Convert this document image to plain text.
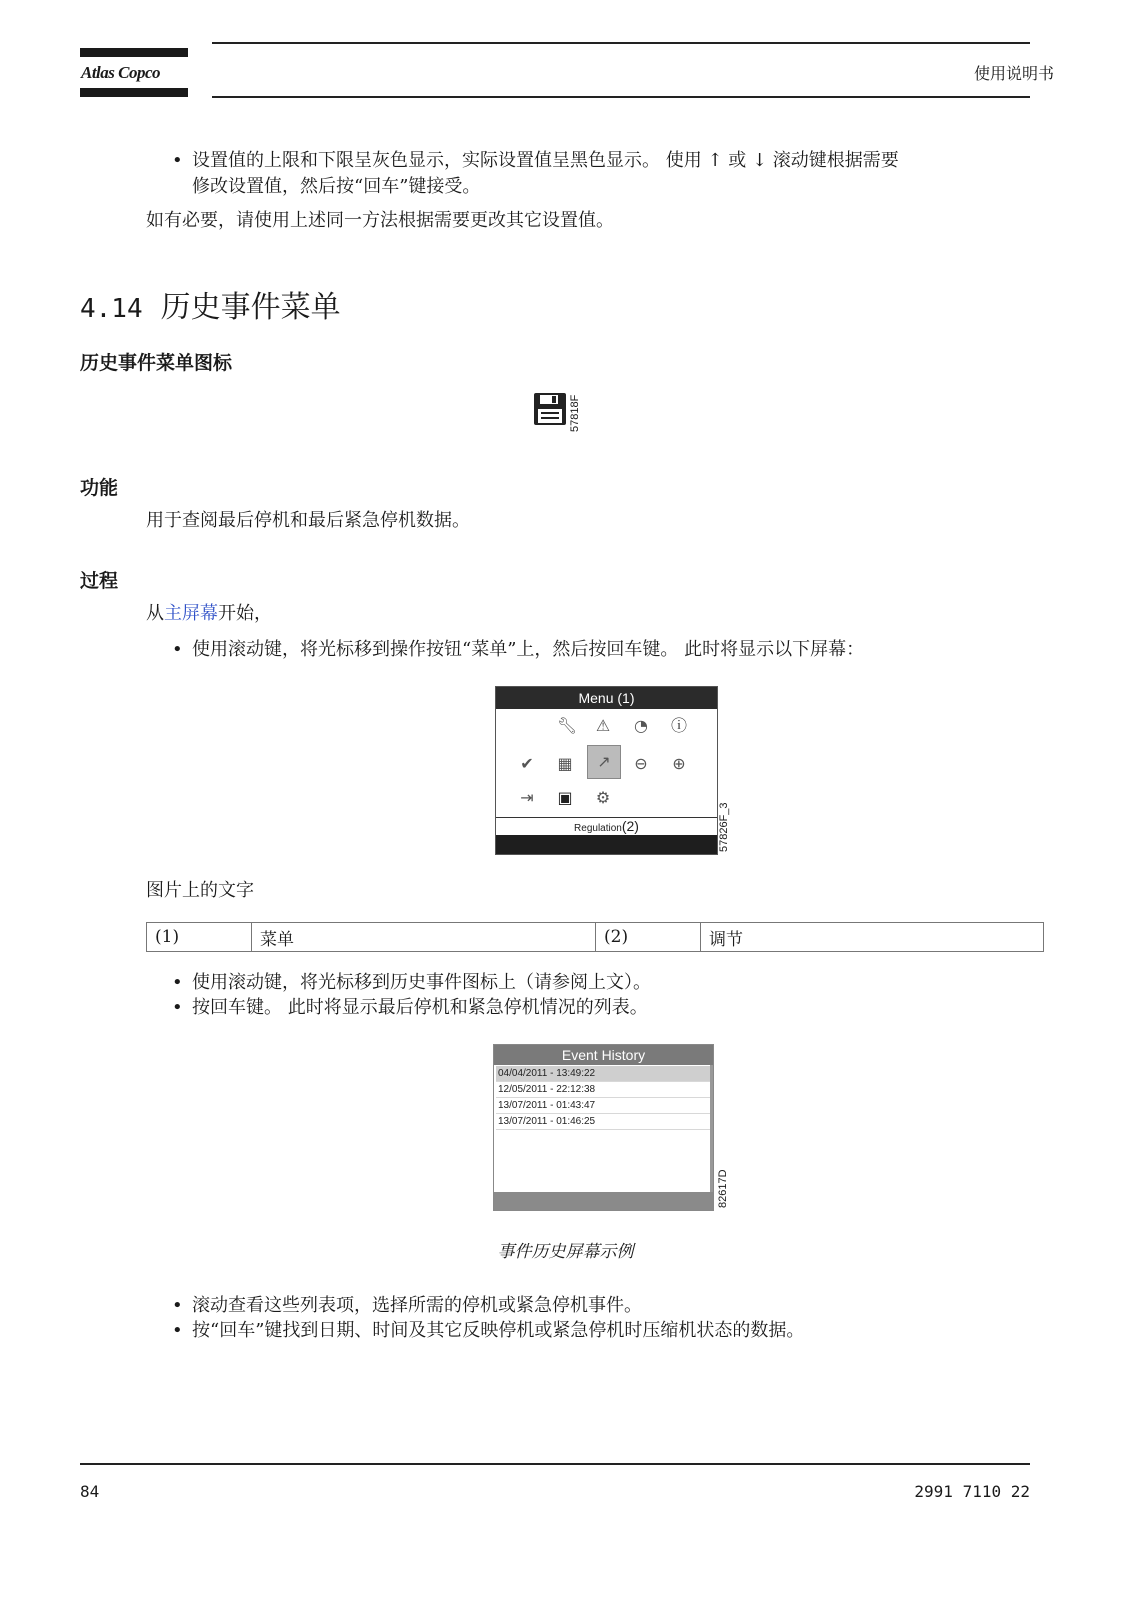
Atlas Copco	使用说明书
• 设置值的上限和下限呈灰色显示，实际设置值呈黑色显示。 使用 ↑ 或 ↓ 滚动键根据需要
修改设置值，然后按“回车”键接受。
如有必要，请使用上述同一方法根据需要更改其它设置值。
4.14 历史事件菜单
历史事件菜单图标
57818F
功能
用于查阅最后停机和最后紧急停机数据。
过程
从主屏幕开始，
• 使用滚动键，将光标移到操作按钮“菜单”上，然后按回车键。 此时将显示以下屏幕：
Menu (1)
🔧︎ ⚠ ◔ ⓘ
✔ ▦	↗	⊖ ⊕
⇥ ▣ ⚙
Regulation(2)	57826F_3
图片上的文字
(1)	菜单	(2)	调节
• 使用滚动键，将光标移到历史事件图标上（请参阅上文）。
• 按回车键。 此时将显示最后停机和紧急停机情况的列表。
Event History
04/04/2011 - 13:49:22
12/05/2011 - 22:12:38
13/07/2011 - 01:43:47
13/07/2011 - 01:46:25
82617D
事件历史屏幕示例
• 滚动查看这些列表项，选择所需的停机或紧急停机事件。
• 按“回车”键找到日期、时间及其它反映停机或紧急停机时压缩机状态的数据。
84	2991 7110 22
